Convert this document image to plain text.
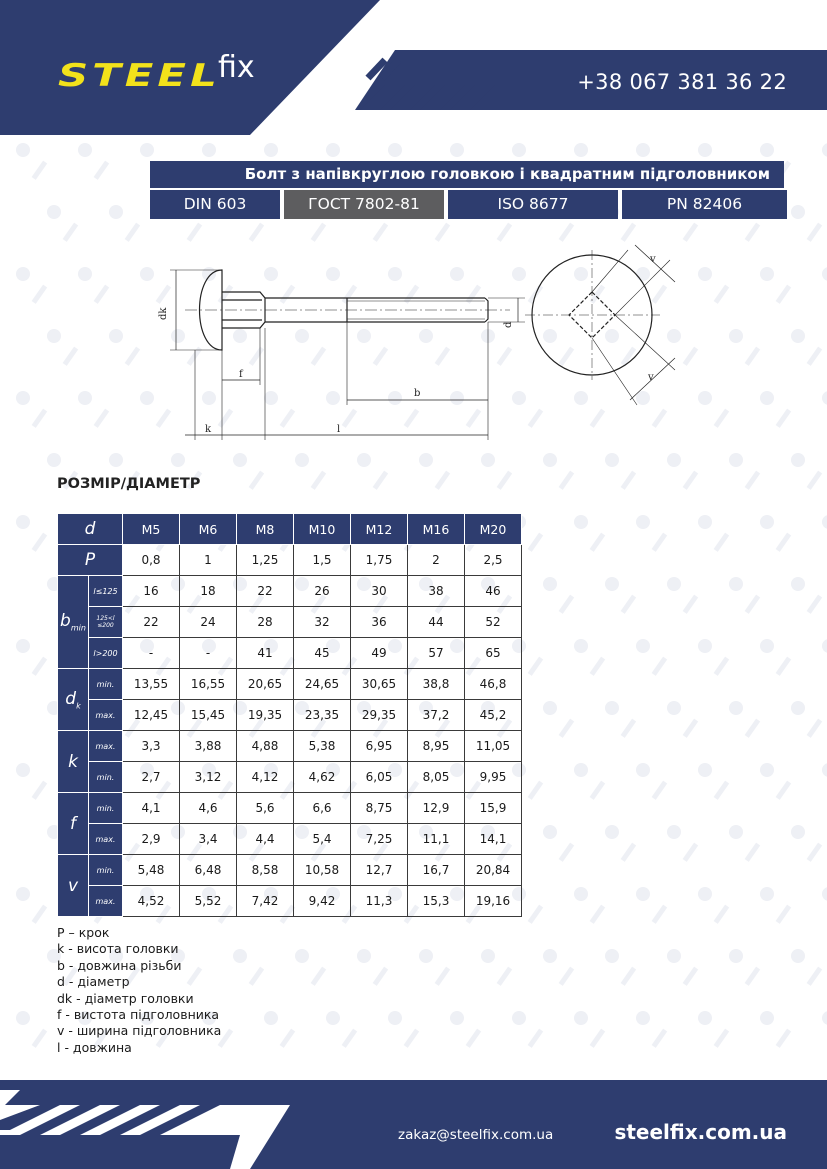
STEEL
fix	+38 067 381 36 22
Болт з напівкруглою головкою і квадратним підголовником
DIN 603	ГОСТ 7802-81	ISO 8677	PN 82406
dk
f
k	l
b
d
v
v
РОЗМІР/ДІАМЕТР
d		M5	M6	M8	M10	M12	M16	M20
P		0,8	1	1,25	1,5	1,75	2	2,5
$b_{min}$	l≤125	16	18	22	26	30	38	46
	125<l ≤200	22	24	28	32	36	44	52
	l>200	-	-	41	45	49	57	65
$d_k$	min.	13,55	16,55	20,65	24,65	30,65	38,8	46,8
	max.	12,45	15,45	19,35	23,35	29,35	37,2	45,2
k	max.	3,3	3,88	4,88	5,38	6,95	8,95	11,05
	min.	2,7	3,12	4,12	4,62	6,05	8,05	9,95
f	min.	4,1	4,6	5,6	6,6	8,75	12,9	15,9
	max.	2,9	3,4	4,4	5,4	7,25	11,1	14,1
v	min.	5,48	6,48	8,58	10,58	12,7	16,7	20,84
	max.	4,52	5,52	7,42	9,42	11,3	15,3	19,16
P – крок
k - висота головки
b - довжина різьби
d - діаметр
dk - діаметр головки
f - вистота підголовника
v - ширина підголовника
l - довжина
zakaz@steelfix.com.ua	steelfix.com.ua
